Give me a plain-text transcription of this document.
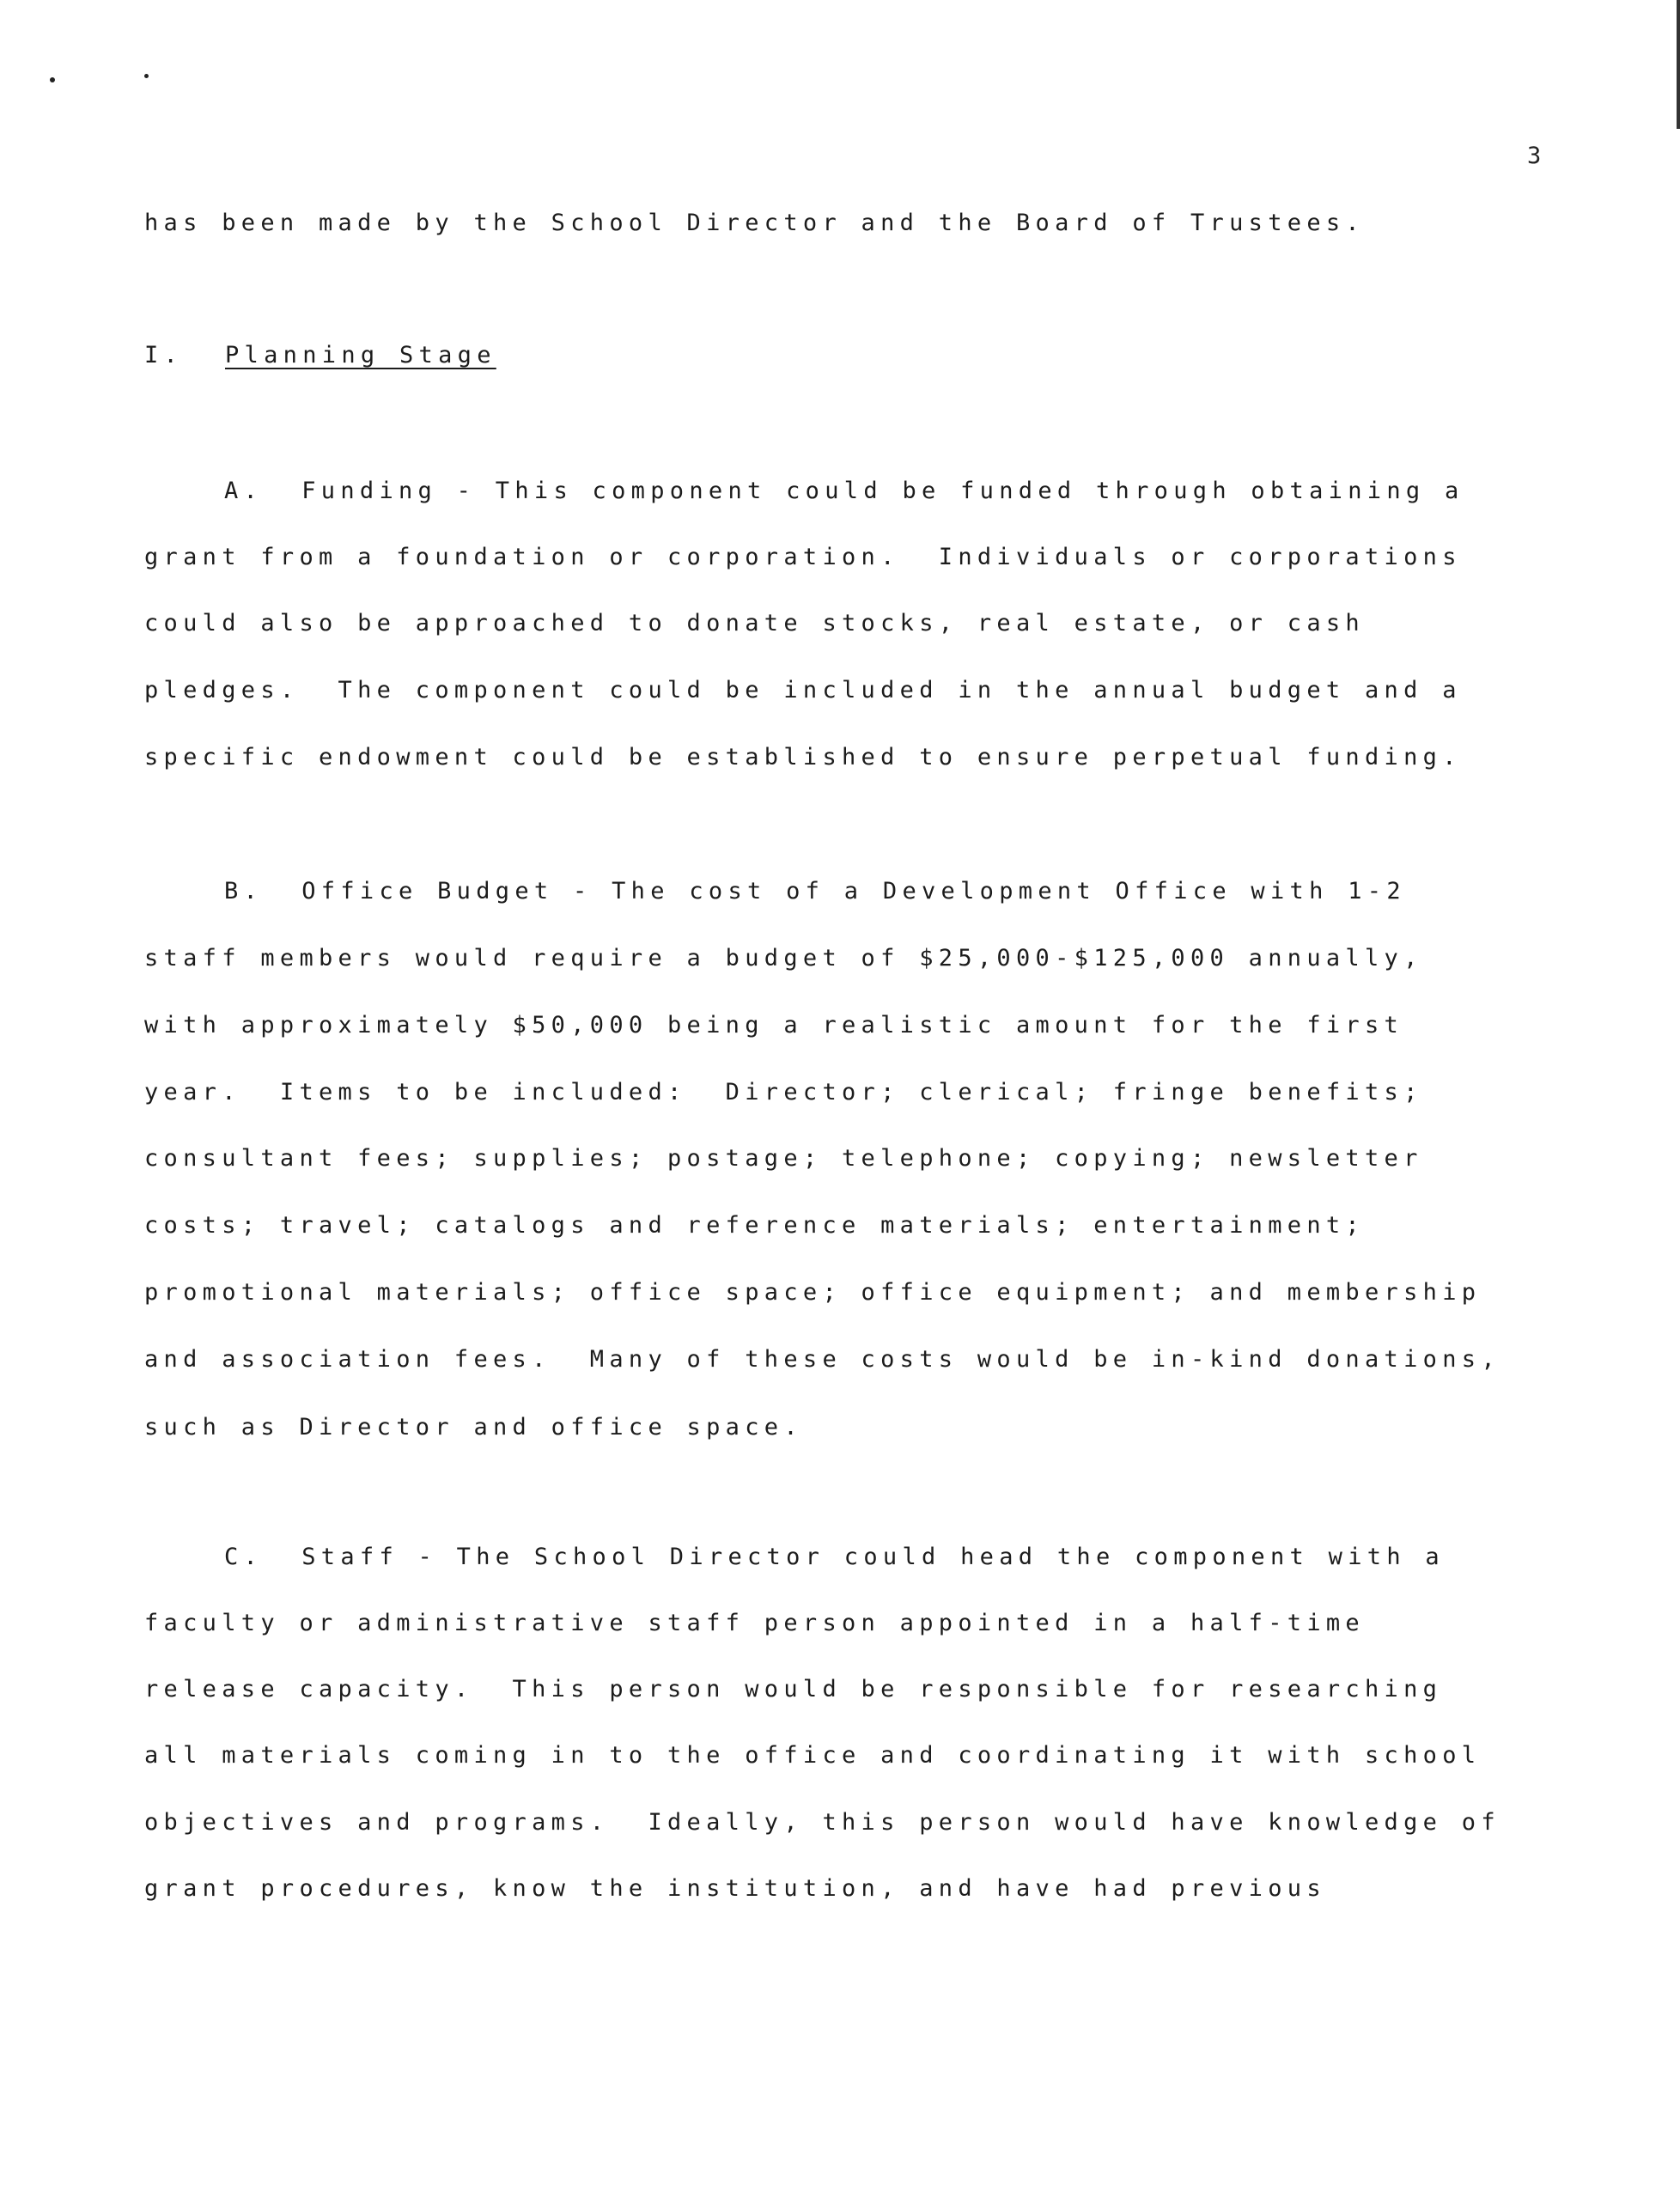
3
has been made by the School Director and the Board of Trustees.
I. Planning Stage
A.  Funding - This component could be funded through obtaining a
grant from a foundation or corporation.  Individuals or corporations
could also be approached to donate stocks, real estate, or cash
pledges.  The component could be included in the annual budget and a
specific endowment could be established to ensure perpetual funding.
B.  Office Budget - The cost of a Development Office with 1-2
staff members would require a budget of $25,000-$125,000 annually,
with approximately $50,000 being a realistic amount for the first
year.  Items to be included:  Director; clerical; fringe benefits;
consultant fees; supplies; postage; telephone; copying; newsletter
costs; travel; catalogs and reference materials; entertainment;
promotional materials; office space; office equipment; and membership
and association fees.  Many of these costs would be in-kind donations,
such as Director and office space.
C.  Staff - The School Director could head the component with a
faculty or administrative staff person appointed in a half-time
release capacity.  This person would be responsible for researching
all materials coming in to the office and coordinating it with school
objectives and programs.  Ideally, this person would have knowledge of
grant procedures, know the institution, and have had previous
